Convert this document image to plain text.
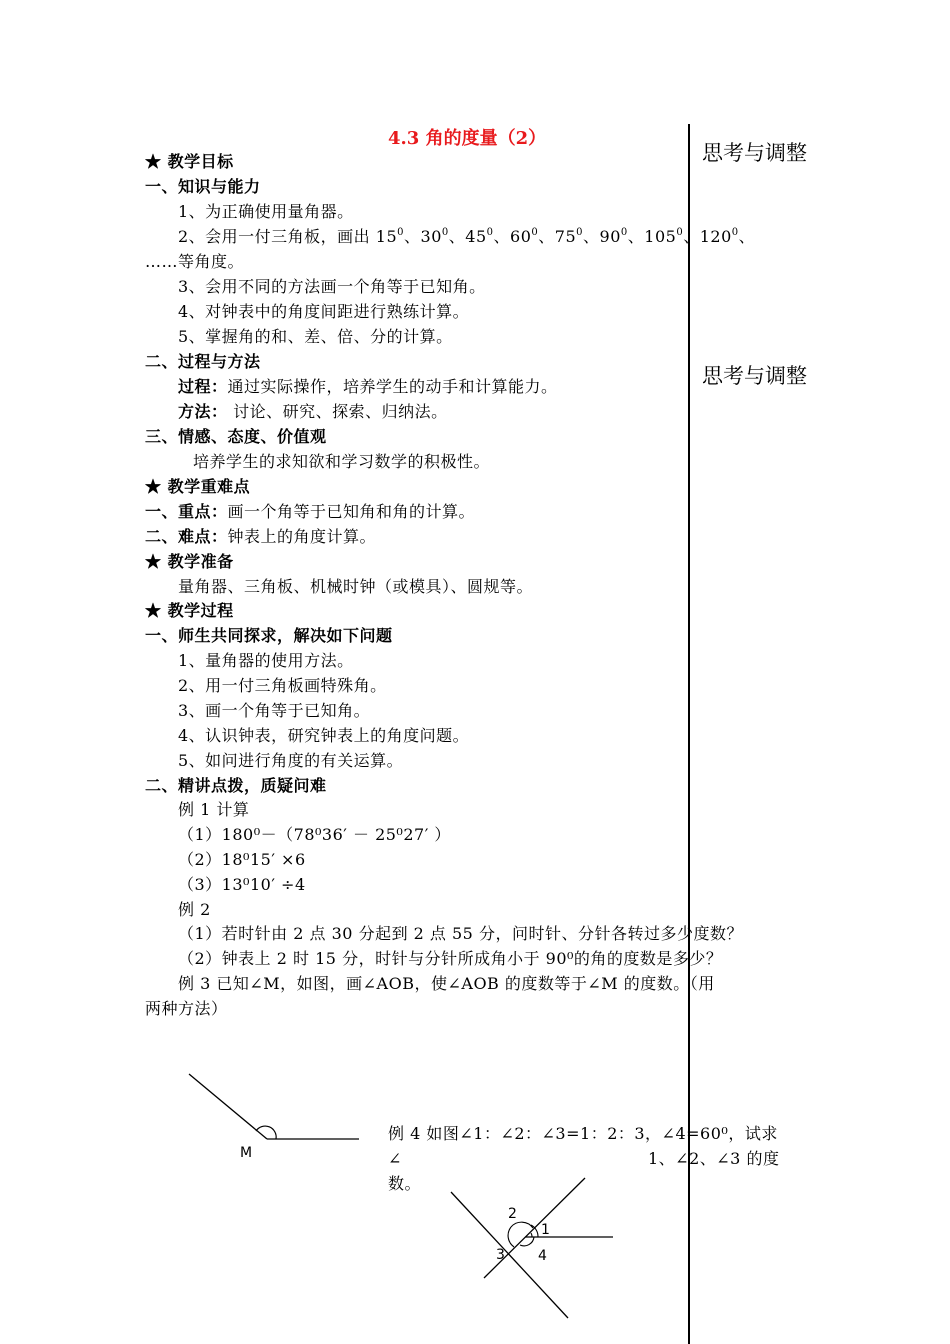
4.3 角的度量（2）
思考与调整
思考与调整
★ 教学目标
一、知识与能力
1、为正确使用量角器。
2、会用一付三角板，画出 $15^0$、$30^0$、$45^0$、$60^0$、$75^0$、$90^0$、$105^0$、$120^0$、
……等角度。
3、会用不同的方法画一个角等于已知角。
4、对钟表中的角度间距进行熟练计算。
5、掌握角的和、差、倍、分的计算。
二、过程与方法
过程：通过实际操作，培养学生的动手和计算能力。
方法： 讨论、研究、探索、归纳法。
三、情感、态度、价值观
培养学生的求知欲和学习数学的积极性。
★ 教学重难点
一、重点：画一个角等于已知角和角的计算。
二、难点：钟表上的角度计算。
★ 教学准备
量角器、三角板、机械时钟（或模具）、圆规等。
★ 教学过程
一、师生共同探求，解决如下问题
1、量角器的使用方法。
2、用一付三角板画特殊角。
3、画一个角等于已知角。
4、认识钟表，研究钟表上的角度问题。
5、如问进行角度的有关运算。
二、精讲点拨，质疑问难
例 1 计算
（1）180⁰－（78⁰36′ － 25⁰27′ ）
（2）18⁰15′ ×6
（3）13⁰10′ ÷4
例 2
（1）若时针由 2 点 30 分起到 2 点 55 分，问时针、分针各转过多少度数？
（2）钟表上 2 时 15 分，时针与分针所成角小于 90⁰的角的度数是多少？
例 3 已知∠M，如图，画∠AOB，使∠AOB 的度数等于∠M 的度数。（用
两种方法）
M
例 4 如图∠1：∠2：∠3=1：2：3，∠4=60⁰，试求
∠	1、∠2、∠3 的度
数。
1
2
3 4
